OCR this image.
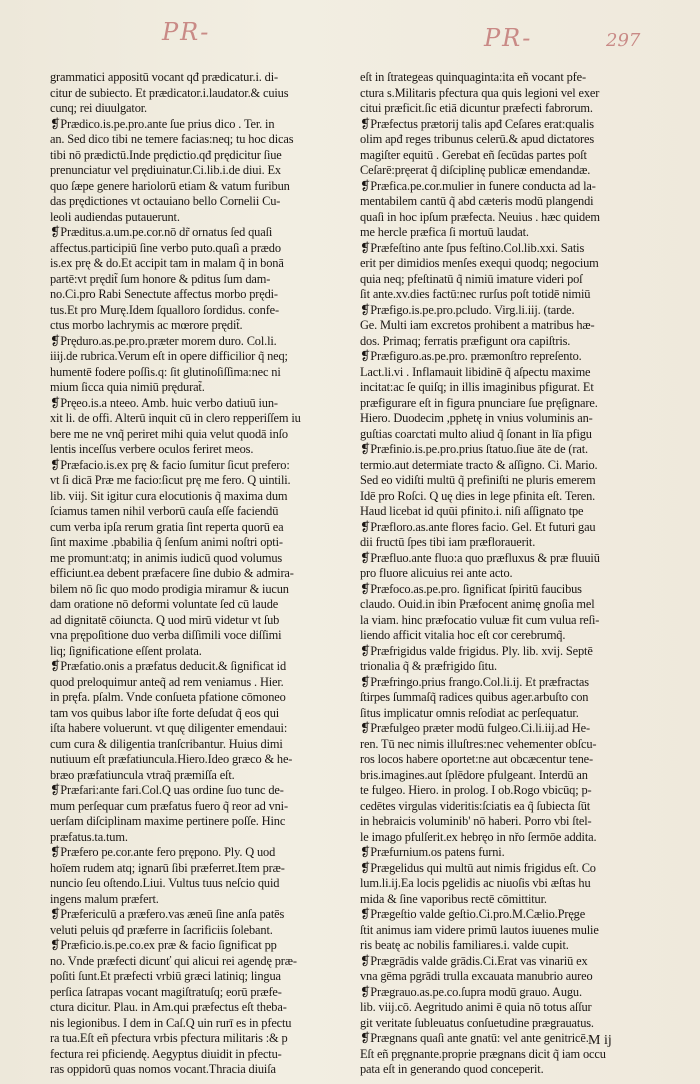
PR-	PR-	297
grammatici appositū vocant qđ prædicatur.i. di-
citur de subiecto. Et prædicator.i.laudator.& cuius
cunq; rei diuulgator.
❡Prædico.is.pe.pro.ante ſue prius dico . Ter. in
an. Sed dico tibi ne temere facias:neq; tu hoc dicas
tibi nō prædictū.Inde prędictio.qđ prędicitur ſiue
prenunciatur vel prędiuinatur.Ci.lib.i.de diui. Ex
quo ſæpe genere hariolorū etiam & vatum furibun
das prędictiones vt octauiano bello Cornelii Cu-
leoli audiendas putauerunt.
❡Præditus.a.um.pe.cor.nō dr̃ ornatus ſed quaſi
affectus.participiū ſine verbo puto.quaſi a prædo
is.ex prę & do.Et accipit tam in malam q̃ in bonā
partē:vt prędit̃ ſum honore & pditus ſum dam-
no.Ci.pro Rabi Senectute affectus morbo prędi-
tus.Et pro Murę.Idem ſqualloro ſordidus. confe-
ctus morbo lachrymis ac mœrore prędit̃.
❡Prędurо.as.pe.pro.præter morem duro. Col.li.
iiij.de rubrica.Verum eſt in opere difficilior q̃ neq;
humentē fodere poſſis.q: ſit glutinoſiſſima:nec ni
mium ſicca quia nimiū prędurat̃.
❡Pręeo.is.a nteeo. Amb. huic verbo datiuū iun-
xit li. de offi. Alterū inquit cū in clero repperiſſem iu
bere me ne vnq̃ periret mihi quia velut quodā inſo
lentis inceſſus verbere oculos feriret meos.
❡Præfacio.is.ex prę & facio ſumitur ſicut prefero:
vt ſi dicā Præ me facio:ſicut prę me fero. Q uintili.
lib. viij. Sit igitur cura elocutionis q̃ maxima dum
ſciamus tamen nihil verborū cauſa eſſe faciendū
cum verba ipſa rerum gratia ſint reperta quorū ea
ſint maxime .pbabilia q̃ ſenſum animi noſtri opti-
me promunt:atq; in animis iudicū quod volumus
efficiunt.ea debent præfacere ſine dubio & admira-
bilem nō ſic quo modo prodigia miramur & iucun
dam oratione nō deformi voluntate ſed cū laude
ad dignitatē cōiuncta. Q uod mirū videtur vt ſub
vna prępoſitione duo verba diſſimili voce diſſimi
liq; ſignificatione eſſent prolata.
❡Præfatio.onis a præfatus deducit.& ſignificat id
quod preloquimur anteq̃ ad rem veniamus . Hier.
in pręfa. pſalm. Vnde conſueta pfatione cōmoneo
tam vos quibus labor iſte forte deſudat q̃ eos qui
iſta habere voluerunt. vt quę diligenter emendaui:
cum cura & diligentia tranſcribantur. Huius dimi
nutiuum eſt præfatiuncula.Hiero.Ideo græco & he-
bræo præfatiuncula vtraq̃ præmiſſa eſt.
❡Præfari:ante fari.Col.Q uas ordine ſuo tunc de-
mum perſequar cum præfatus fuero q̃ reor ad vni-
uerſam diſciplinam maxime pertinere poſſe. Hinc
præfatus.ta.tum.
❡Præfero pe.cor.ante fero prępono. Ply. Q uod
hoīem rudem atq; ignarū ſibi præferret.Item præ-
nuncio ſeu oſtendo.Liui. Vultus tuus neſcio quid
ingens malum præfert.
❡Præfericulū a præfero.vas æneū ſine anſa patēs
veluti peluis qđ præferre in ſacrificiis ſolebant.
❡Præficio.is.pe.co.ex præ & facio ſignificat pp
no. Vnde præfecti dicunť qui alicui rei agendę præ-
poſiti ſunt.Et præfecti vrbiū græci latiniq; lingua
perſica ſatrapas vocant magiſtratuſq; eorū præfe-
ctura dicitur. Plau. in Am.qui præfectus eſt theba-
nis legionibus. I dem in Caſ.Q uin rurī es in pfectu
ra tua.Eſt eñ pfectura vrbis pfectura militaris :& p
fectura rei pficiendę. Aegyptus diuidit in pfectu-
ras oppidorū quas nomos vocant.Thracia diuiſa
eſt in ſtrategeas quinquaginta:ita eñ vocant pfe-
ctura s.Militaris pfectura qua quis legioni vel exer
citui præficit.ſic etiā dicuntur præfecti fabrorum.
❡Præfectus prætorij talis apđ Ceſares erat:qualis
olim apđ reges tribunus celerū.& apud dictatores
magiſter equitū . Gerebat eñ ſecūdas partes poſt
Ceſarē:pręerat q̃ diſciplinę publicæ emendandæ.
❡Præfica.pe.cor.mulier in funere conducta ad la-
mentabilem cantū q̃ abd cæteris modū plangendi
quaſi in hoc ipſum præfecta. Neuius . hæc quidem
me hercle præfica ſi mortuū laudat.
❡Præfeſtino ante ſpus feſtino.Col.lib.xxi. Satis
erit per dimidios menſes exequi quodq; negocium
quia neq; pfeſtinatū q̃ nimiū imature videri poſ
ſit ante.xv.dies factū:nec rurſus poſt totidē nimiū
❡Præfigo.is.pe.pro.pcludo. Virg.li.iij. (tarde.
Ge. Multi iam excretos prohibent a matribus hæ-
dos. Primaq; ferratis præfigunt ora capiſtris.
❡Præfiguro.as.pe.pro. præmonſtro repreſento.
Lact.li.vi . Inflamauit libidinē q̃ aſpectu maxime
incitat:ac ſe quiſq; in illis imaginibus pfigurat. Et
præfigurare eſt in figura pnunciare ſue pręſignare.
Hiero. Duodecim ,pphetę in vnius voluminis an-
guſtias coarctati multo aliud q̃ ſonant in līa pfigu
❡Præfinio.is.pe.pro.prius ſtatuo.ſiue āte de (rat.
termio.aut determiate tracto & aſſigno. Ci. Mario.
Sed eo vidiſti multū q̃ prefiniſti ne pluris emerem
Idē pro Roſci. Q uę dies in lege pfinita eſt. Teren.
Haud licebat id quūi pfinito.i. niſi aſſignato tpe
❡Præfloro.as.ante flores facio. Gel. Et futuri gau
dii fructū ſpes tibi iam præflorauerit.
❡Præfluo.ante fluo:a quo præfluxus & præ fluuiū
pro fluore alicuius rei ante acto.
❡Præfoco.as.pe.pro. ſignificat ſpiritū faucibus
claudo. Ouid.in ibin Præfocent animę gnoſia mel
la viam. hinc præfocatio vuluæ fit cum vulua reſi-
liendo afficit vitalia hoc eſt cor cerebrumq̃.
❡Præfrigidus valde frigidus. Ply. lib. xvij. Septē
trionalia q̃ & præfrigido ſitu.
❡Præfringo.prius frango.Col.li.ij. Et præfractas
ſtirpes ſummaſq̃ radices quibus ager.arbuſto con
ſitus implicatur omnis reſodiat ac perſequatur.
❡Præfulgeo præter modū fulgeo.Ci.li.iij.ad He-
ren. Tū nec nimis illuſtres:nec vehementer obſcu-
ros locos habere oportet:ne aut obcæcentur tene-
bris.imagines.aut ſplēdore pfulgeant. Interdū an
te fulgeo. Hiero. in prolog. I ob.Rogo vbicūq; p-
cedētes virgulas videritis:ſciatis ea q̃ ſubiecta ſūt
in hebraicis voluminib' nō haberi. Porro vbi ſtel-
le imago pfulſerit.ex hebręo in nřo ſermōe addita.
❡Præfurnium.os patens furni.
❡Prægelidus qui multū aut nimis frigidus eſt. Co
lum.li.ij.Ea locis pgelidis ac niuoſis vbi æſtas hu
mida & ſine vaporibus rectē cōmittitur.
❡Prægeſtio valde geſtio.Ci.pro.M.Cælio.Pręge
ſtit animus iam videre primū lautos iuuenes mulie
ris beatę ac nobilis familiares.i. valde cupit.
❡Prægrādis valde grādis.Ci.Erat vas vinariū ex
vna gēma pgrādi trulla excauata manubrio aureo
❡Prægrauo.as.pe.co.ſupra modū grauo. Augu.
lib. viij.cō. Aegritudo animi ē quia nō totus aſſur
git veritate ſubleuatus conſuetudine prægrauatus.
❡Prægnans quaſi ante gnatū: vel ante genitricē.
Eſt eñ pręgnante.proprie prægnans dicit q̃ iam occu
pata eſt in generando quod conceperit.
M ij
